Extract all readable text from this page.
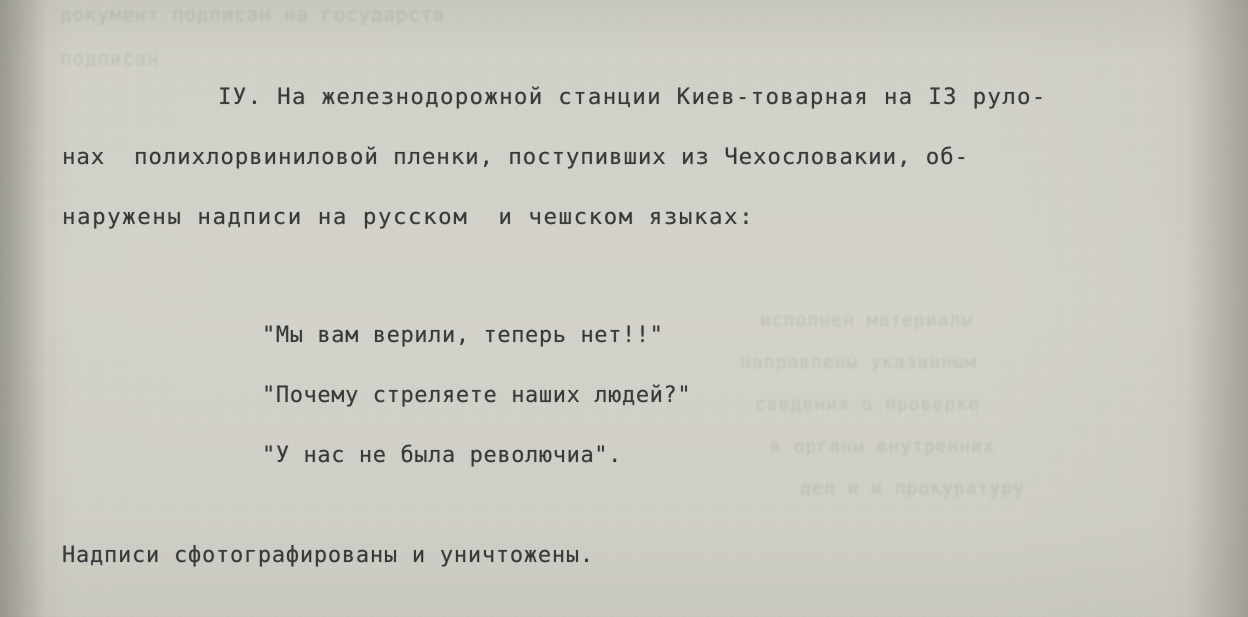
документ подписан на государств
подписан
исполнен материалы
направлены указанным
сведения о проверке
в органы внутренних
дел и и прокуратуру
IУ. На железнодорожной станции Киев-товарная на I3 руло-
нах  полихлорвиниловой пленки, поступивших из Чехословакии, об-
наружены надписи на русском  и чешском языках:
"Мы вам верили, теперь нет!!"
"Почему стреляете наших людей?"
"У нас не была револючиа".
Надписи сфотографированы и уничтожены.
